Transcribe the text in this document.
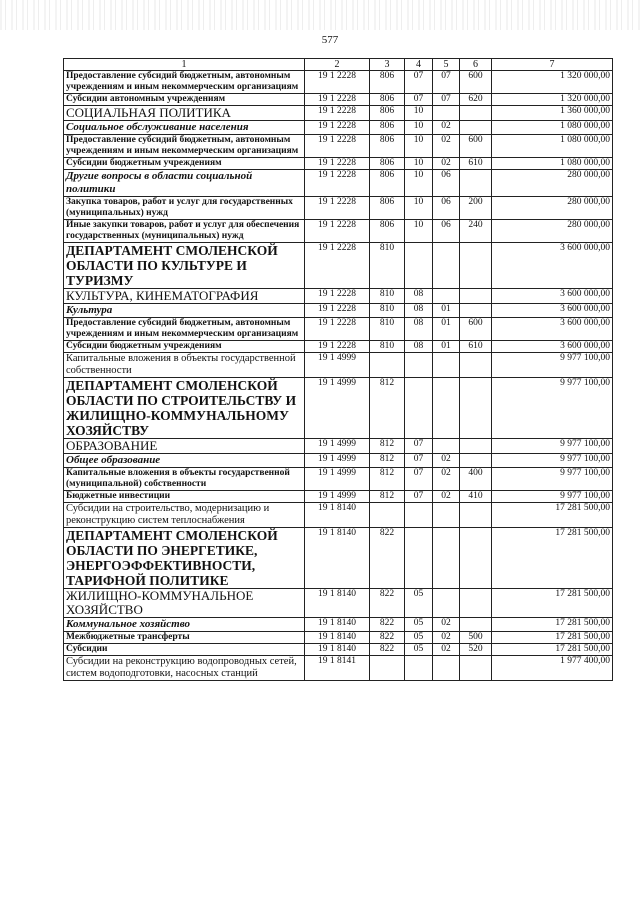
577
1	2	3	4	5	6	7
Предоставление субсидий бюджетным, автономным учреждениям и иным некоммерческим организациям	19 1 2228	806	07	07	600	1 320 000,00
Субсидии автономным учреждениям	19 1 2228	806	07	07	620	1 320 000,00
СОЦИАЛЬНАЯ ПОЛИТИКА	19 1 2228	806	10			1 360 000,00
Социальное обслуживание населения	19 1 2228	806	10	02		1 080 000,00
Предоставление субсидий бюджетным, автономным учреждениям и иным некоммерческим организациям	19 1 2228	806	10	02	600	1 080 000,00
Субсидии бюджетным учреждениям	19 1 2228	806	10	02	610	1 080 000,00
Другие вопросы в области социальной политики	19 1 2228	806	10	06		280 000,00
Закупка товаров, работ и услуг для государственных (муниципальных) нужд	19 1 2228	806	10	06	200	280 000,00
Иные закупки товаров, работ и услуг для обеспечения государственных (муниципальных) нужд	19 1 2228	806	10	06	240	280 000,00
ДЕПАРТАМЕНТ СМОЛЕНСКОЙ ОБЛАСТИ ПО КУЛЬТУРЕ И ТУРИЗМУ	19 1 2228	810				3 600 000,00
КУЛЬТУРА, КИНЕМАТОГРАФИЯ	19 1 2228	810	08			3 600 000,00
Культура	19 1 2228	810	08	01		3 600 000,00
Предоставление субсидий бюджетным, автономным учреждениям и иным некоммерческим организациям	19 1 2228	810	08	01	600	3 600 000,00
Субсидии бюджетным учреждениям	19 1 2228	810	08	01	610	3 600 000,00
Капитальные вложения в объекты государственной собственности	19 1 4999					9 977 100,00
ДЕПАРТАМЕНТ СМОЛЕНСКОЙ ОБЛАСТИ ПО СТРОИТЕЛЬСТВУ И ЖИЛИЩНО-КОММУНАЛЬНОМУ ХОЗЯЙСТВУ	19 1 4999	812				9 977 100,00
ОБРАЗОВАНИЕ	19 1 4999	812	07			9 977 100,00
Общее образование	19 1 4999	812	07	02		9 977 100,00
Капитальные вложения в объекты государственной (муниципальной) собственности	19 1 4999	812	07	02	400	9 977 100,00
Бюджетные инвестиции	19 1 4999	812	07	02	410	9 977 100,00
Субсидии на строительство, модернизацию и реконструкцию систем теплоснабжения	19 1 8140					17 281 500,00
ДЕПАРТАМЕНТ СМОЛЕНСКОЙ ОБЛАСТИ ПО ЭНЕРГЕТИКЕ, ЭНЕРГОЭФФЕКТИВНОСТИ, ТАРИФНОЙ ПОЛИТИКЕ	19 1 8140	822				17 281 500,00
ЖИЛИЩНО-КОММУНАЛЬНОЕ ХОЗЯЙСТВО	19 1 8140	822	05			17 281 500,00
Коммунальное хозяйство	19 1 8140	822	05	02		17 281 500,00
Межбюджетные трансферты	19 1 8140	822	05	02	500	17 281 500,00
Субсидии	19 1 8140	822	05	02	520	17 281 500,00
Субсидии на реконструкцию водопроводных сетей, систем водоподготовки, насосных станций	19 1 8141					1 977 400,00
